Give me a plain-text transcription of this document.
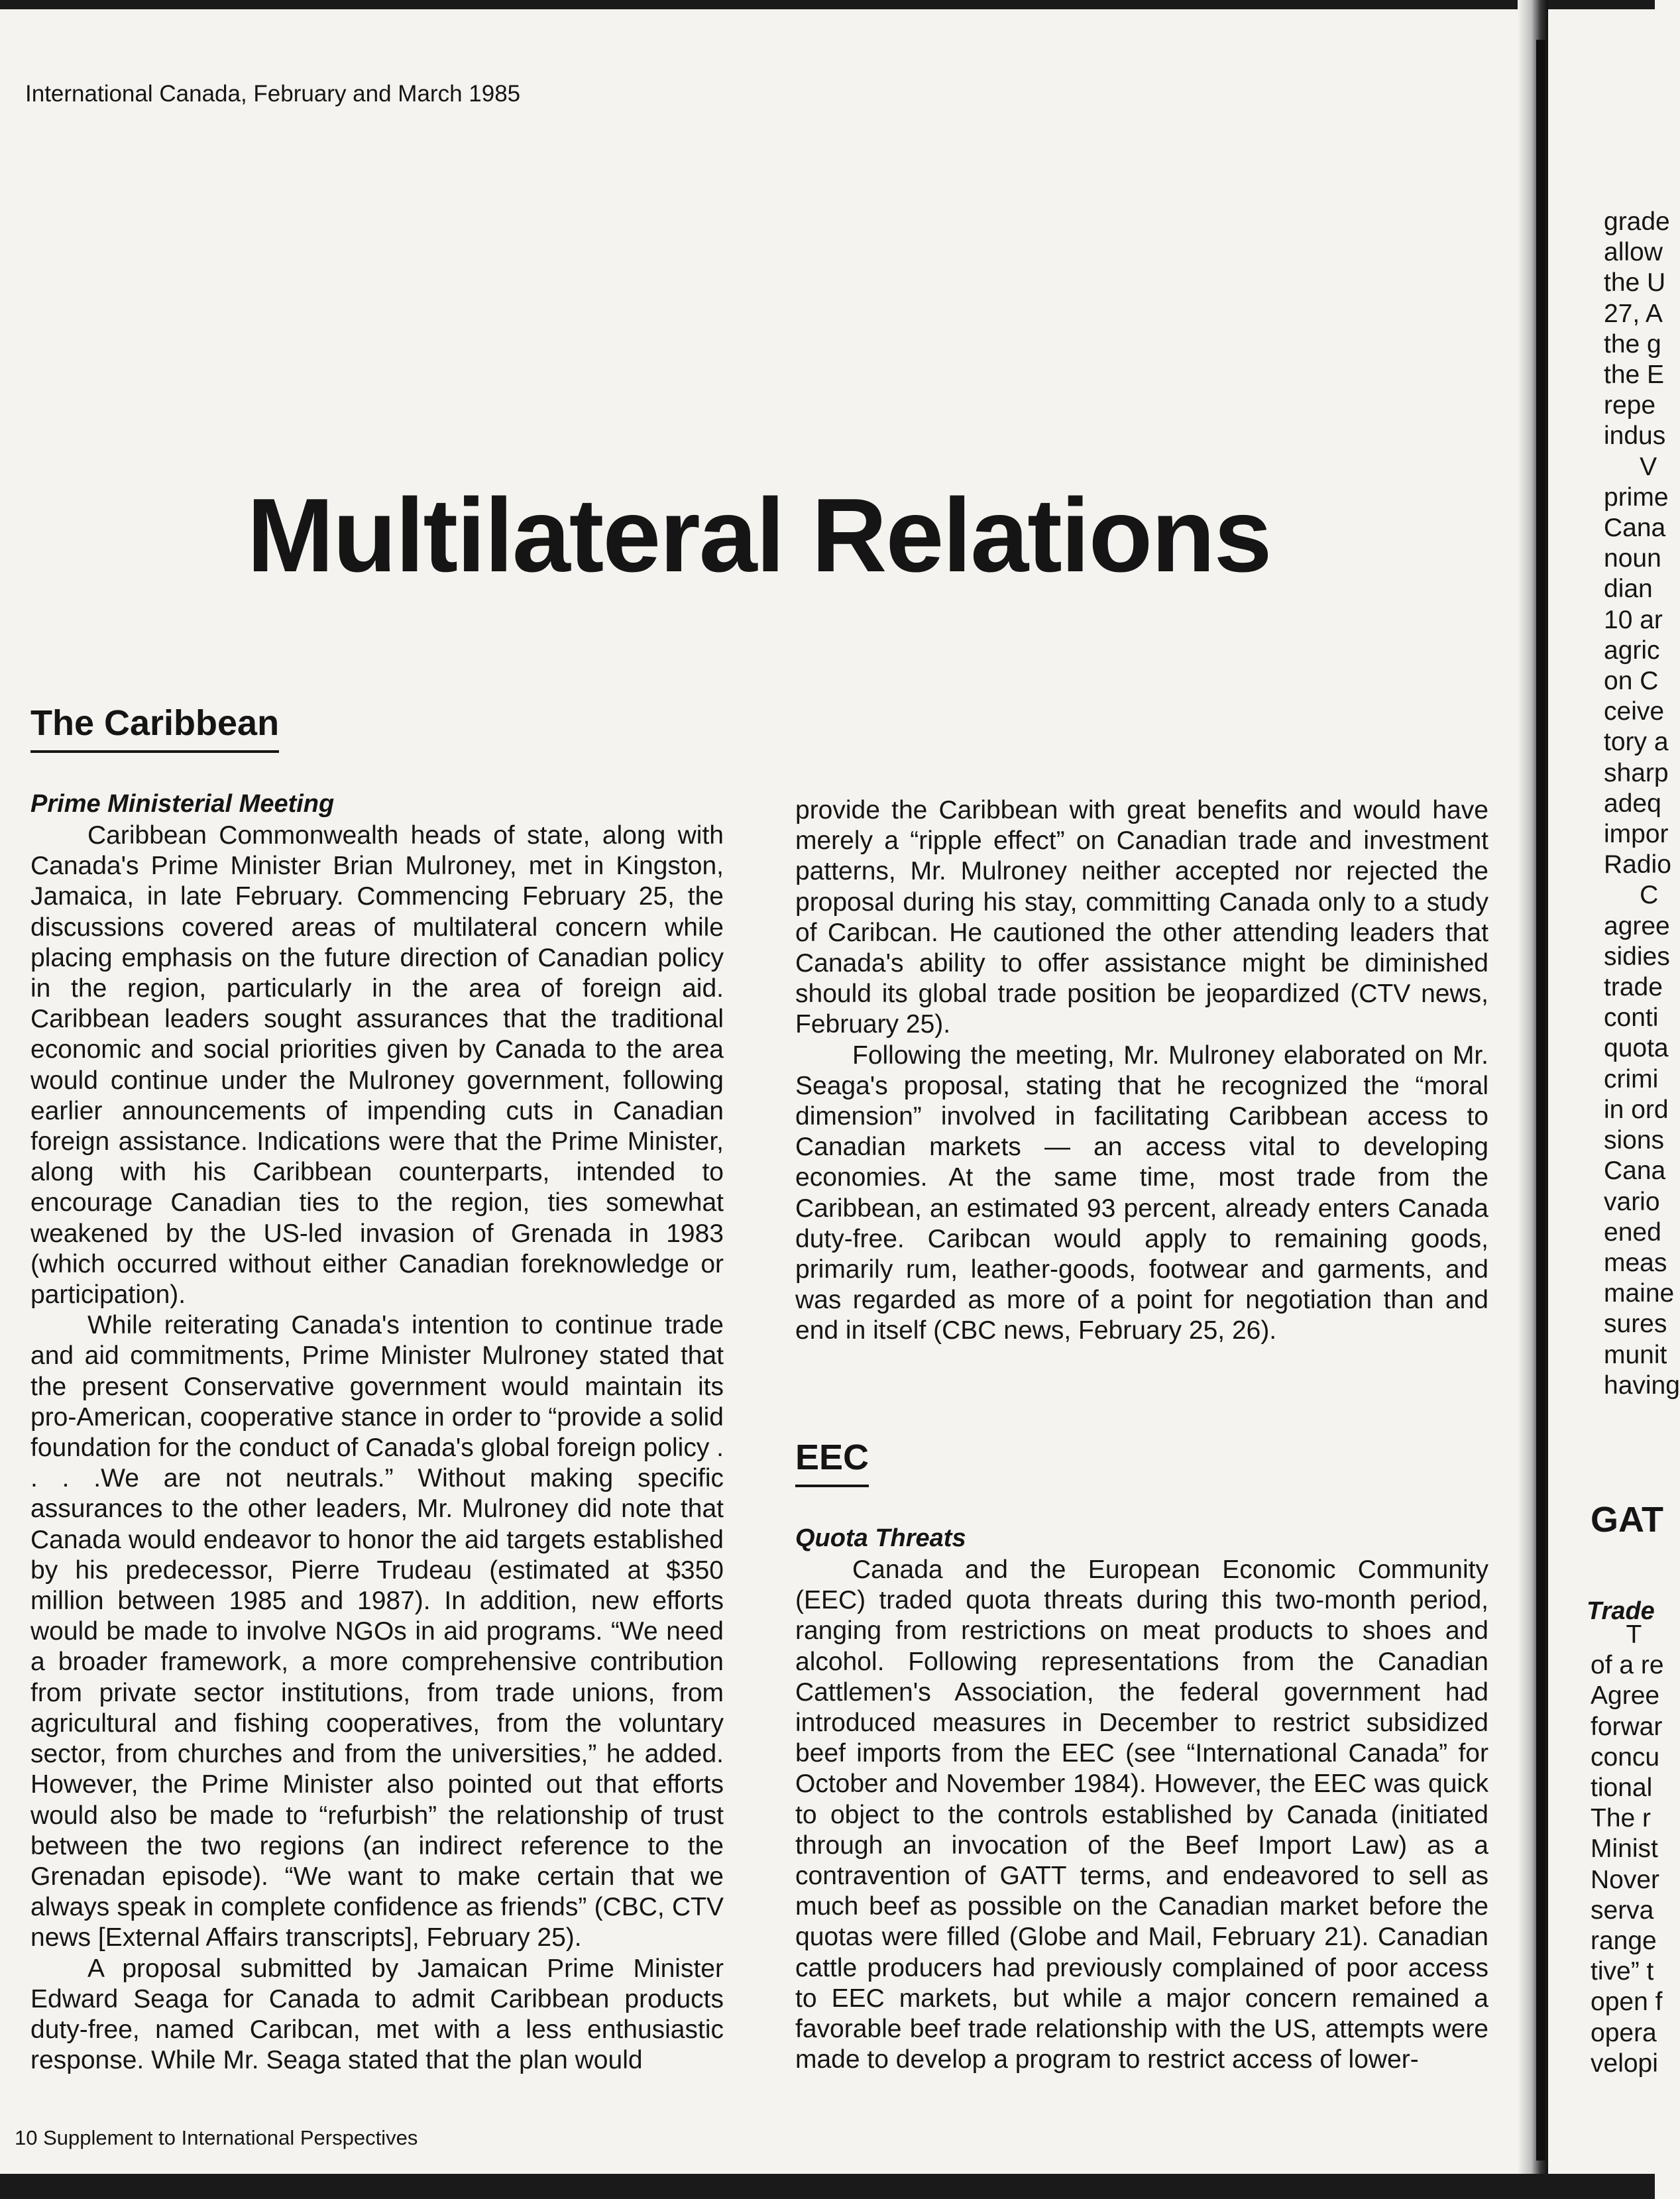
International Canada, February and March 1985
Multilateral Relations
The Caribbean
Prime Ministerial Meeting

Caribbean Commonwealth heads of state, along with Canada's Prime Minister Brian Mulroney, met in Kingston, Jamaica, in late February. Commencing February 25, the discussions covered areas of multilateral concern while placing emphasis on the future direction of Canadian policy in the region, particularly in the area of foreign aid. Caribbean leaders sought assurances that the traditional economic and social priorities given by Canada to the area would continue under the Mulroney government, following earlier announcements of impending cuts in Canadian foreign assistance. Indications were that the Prime Minister, along with his Caribbean counterparts, intended to encourage Canadian ties to the region, ties somewhat weakened by the US-led invasion of Grenada in 1983 (which occurred without either Canadian foreknowledge or participation).

While reiterating Canada's intention to continue trade and aid commitments, Prime Minister Mulroney stated that the present Conservative government would maintain its pro-American, cooperative stance in order to “provide a solid foundation for the conduct of Canada's global foreign policy . . . .We are not neutrals.” Without making specific assurances to the other leaders, Mr. Mulroney did note that Canada would endeavor to honor the aid targets established by his predecessor, Pierre Trudeau (estimated at $350 million between 1985 and 1987). In addition, new efforts would be made to involve NGOs in aid programs. “We need a broader framework, a more comprehensive contribution from private sector institutions, from trade unions, from agricultural and fishing cooperatives, from the voluntary sector, from churches and from the universities,” he added. However, the Prime Minister also pointed out that efforts would also be made to “refurbish” the relationship of trust between the two regions (an indirect reference to the Grenadan episode). “We want to make certain that we always speak in complete confidence as friends” (CBC, CTV news [External Affairs transcripts], February 25).

A proposal submitted by Jamaican Prime Minister Edward Seaga for Canada to admit Caribbean products duty-free, named Caribcan, met with a less enthusiastic response. While Mr. Seaga stated that the plan would

provide the Caribbean with great benefits and would have merely a “ripple effect” on Canadian trade and investment patterns, Mr. Mulroney neither accepted nor rejected the proposal during his stay, committing Canada only to a study of Caribcan. He cautioned the other attending leaders that Canada's ability to offer assistance might be diminished should its global trade position be jeopardized (CTV news, February 25).

Following the meeting, Mr. Mulroney elaborated on Mr. Seaga's proposal, stating that he recognized the “moral dimension” involved in facilitating Caribbean access to Canadian markets — an access vital to developing economies. At the same time, most trade from the Caribbean, an estimated 93 percent, already enters Canada duty-free. Caribcan would apply to remaining goods, primarily rum, leather-goods, footwear and garments, and was regarded as more of a point for negotiation than and end in itself (CBC news, February 25, 26).

EEC
Quota Threats

Canada and the European Economic Community (EEC) traded quota threats during this two-month period, ranging from restrictions on meat products to shoes and alcohol. Following representations from the Canadian Cattlemen's Association, the federal government had introduced measures in December to restrict subsidized beef imports from the EEC (see “International Canada” for October and November 1984). However, the EEC was quick to object to the controls established by Canada (initiated through an invocation of the Beef Import Law) as a contravention of GATT terms, and endeavored to sell as much beef as possible on the Canadian market before the quotas were filled (Globe and Mail, February 21). Canadian cattle producers had previously complained of poor access to EEC markets, but while a major concern remained a favorable beef trade relationship with the US, attempts were made to develop a program to restrict access of lower-

10 Supplement to International Perspectives
grade
allow
the U
27, A
the g
the E
repe
indus
V
prime
Cana
noun
dian
10 ar
agric
on C
ceive
tory a
sharp
adeq
impor
Radio
C
agree
sidies
trade
conti
quota
crimi
in ord
sions
Cana
vario
ened
meas
maine
sures
munit
having
GAT
Trade
T
of a re
Agree
forwar
concu
tional
The r
Minist
Nover
serva
range
tive” t
open f
opera
velopi
